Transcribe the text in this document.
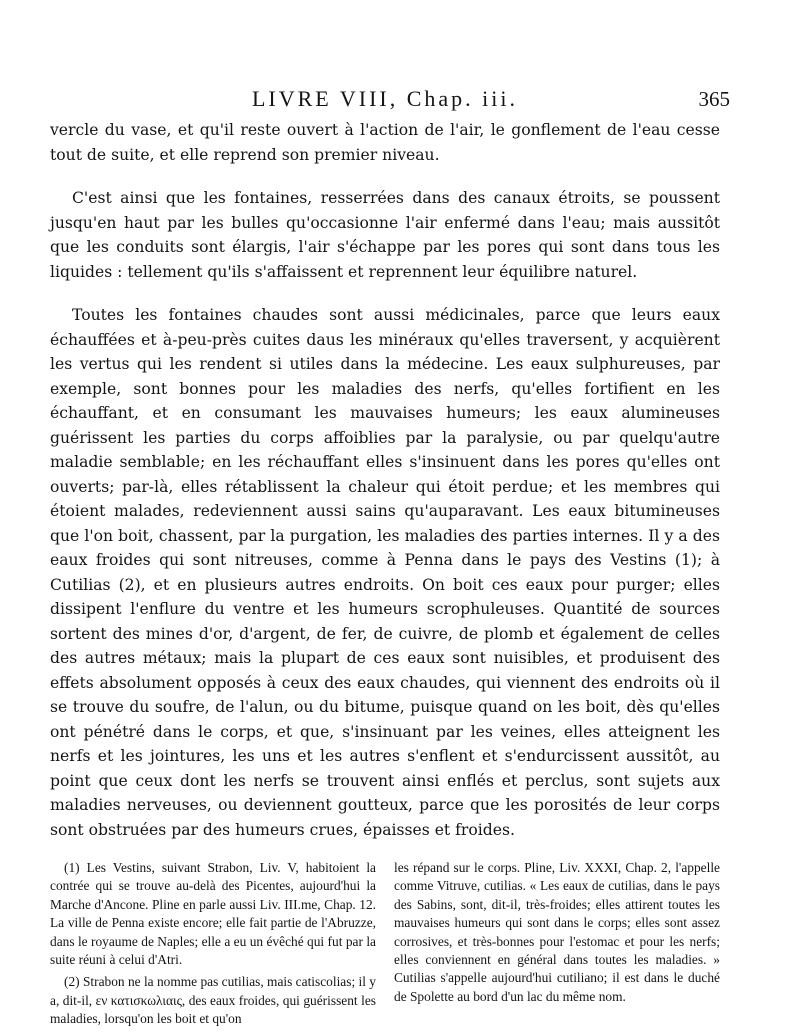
LIVRE VIII, Chap. iii.	365

vercle du vase, et qu'il reste ouvert à l'action de l'air, le gonflement de l'eau cesse tout de suite, et elle reprend son premier niveau.

C'est ainsi que les fontaines, resserrées dans des canaux étroits, se poussent jusqu'en haut par les bulles qu'occasionne l'air enfermé dans l'eau; mais aussitôt que les conduits sont élargis, l'air s'échappe par les pores qui sont dans tous les liquides : tellement qu'ils s'affaissent et reprennent leur équilibre naturel.

Toutes les fontaines chaudes sont aussi médicinales, parce que leurs eaux échauffées et à-peu-près cuites daus les minéraux qu'elles traversent, y acquièrent les vertus qui les rendent si utiles dans la médecine. Les eaux sulphureuses, par exemple, sont bonnes pour les maladies des nerfs, qu'elles fortifient en les échauffant, et en consumant les mauvaises humeurs; les eaux alumineuses guérissent les parties du corps affoiblies par la paralysie, ou par quelqu'autre maladie semblable; en les réchauffant elles s'insinuent dans les pores qu'elles ont ouverts; par-là, elles rétablissent la chaleur qui étoit perdue; et les membres qui étoient malades, redeviennent aussi sains qu'auparavant. Les eaux bitumineuses que l'on boit, chassent, par la purgation, les maladies des parties internes. Il y a des eaux froides qui sont nitreuses, comme à Penna dans le pays des Vestins (1); à Cutilias (2), et en plusieurs autres endroits. On boit ces eaux pour purger; elles dissipent l'enflure du ventre et les humeurs scrophuleuses. Quantité de sources sortent des mines d'or, d'argent, de fer, de cuivre, de plomb et également de celles des autres métaux; mais la plupart de ces eaux sont nuisibles, et produisent des effets absolument opposés à ceux des eaux chaudes, qui viennent des endroits où il se trouve du soufre, de l'alun, ou du bitume, puisque quand on les boit, dès qu'elles ont pénétré dans le corps, et que, s'insinuant par les veines, elles atteignent les nerfs et les jointures, les uns et les autres s'enflent et s'endurcissent aussitôt, au point que ceux dont les nerfs se trouvent ainsi enflés et perclus, sont sujets aux maladies nerveuses, ou deviennent goutteux, parce que les porosités de leur corps sont obstruées par des humeurs crues, épaisses et froides.

(1) Les Vestins, suivant Strabon, Liv. V, habitoient la contrée qui se trouve au-delà des Picentes, aujourd'hui la Marche d'Ancone. Pline en parle aussi Liv. III.me, Chap. 12. La ville de Penna existe encore; elle fait partie de l'Abruzze, dans le royaume de Naples; elle a eu un évêché qui fut par la suite réuni à celui d'Atri.

(2) Strabon ne la nomme pas cutilias, mais catiscolias; il y a, dit-il, εν κατισκωλιαις, des eaux froides, qui guérissent les maladies, lorsqu'on les boit et qu'on

les répand sur le corps. Pline, Liv. XXXI, Chap. 2, l'appelle comme Vitruve, cutilias. « Les eaux de cutilias, dans le pays des Sabins, sont, dit-il, très-froides; elles attirent toutes les mauvaises humeurs qui sont dans le corps; elles sont assez corrosives, et très-bonnes pour l'estomac et pour les nerfs; elles conviennent en général dans toutes les maladies. » Cutilias s'appelle aujourd'hui cutiliano; il est dans le duché de Spolette au bord d'un lac du même nom.
